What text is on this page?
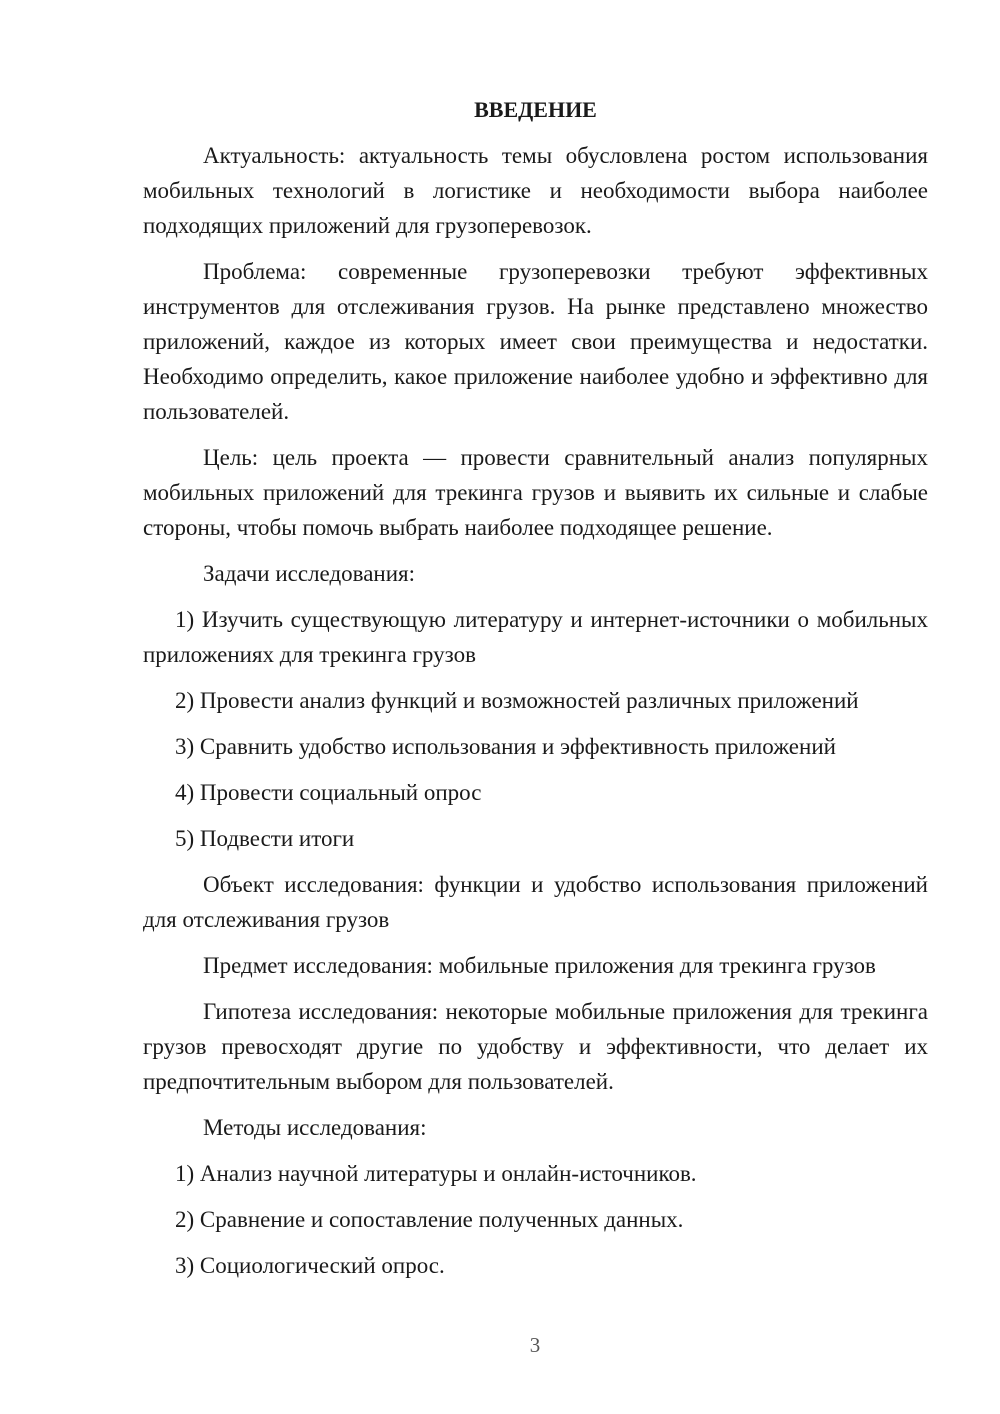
ВВЕДЕНИЕ

Актуальность: актуальность темы обусловлена ростом использования мобильных технологий в логистике и необходимости выбора наиболее подходящих приложений для грузоперевозок.

Проблема: современные грузоперевозки требуют эффективных инструментов для отслеживания грузов. На рынке представлено множество приложений, каждое из которых имеет свои преимущества и недостатки. Необходимо определить, какое приложение наиболее удобно и эффективно для пользователей.

Цель: цель проекта — провести сравнительный анализ популярных мобильных приложений для трекинга грузов и выявить их сильные и слабые стороны, чтобы помочь выбрать наиболее подходящее решение.

Задачи исследования:

1) Изучить существующую литературу и интернет-источники о мобильных приложениях для трекинга грузов

2) Провести анализ функций и возможностей различных приложений

3) Сравнить удобство использования и эффективность приложений

4) Провести социальный опрос

5) Подвести итоги

Объект исследования: функции и удобство использования приложений для отслеживания грузов

Предмет исследования: мобильные приложения для трекинга грузов

Гипотеза исследования: некоторые мобильные приложения для трекинга грузов превосходят другие по удобству и эффективности, что делает их предпочтительным выбором для пользователей.

Методы исследования:

1) Анализ научной литературы и онлайн-источников.

2) Сравнение и сопоставление полученных данных.

3) Социологический опрос.

3
